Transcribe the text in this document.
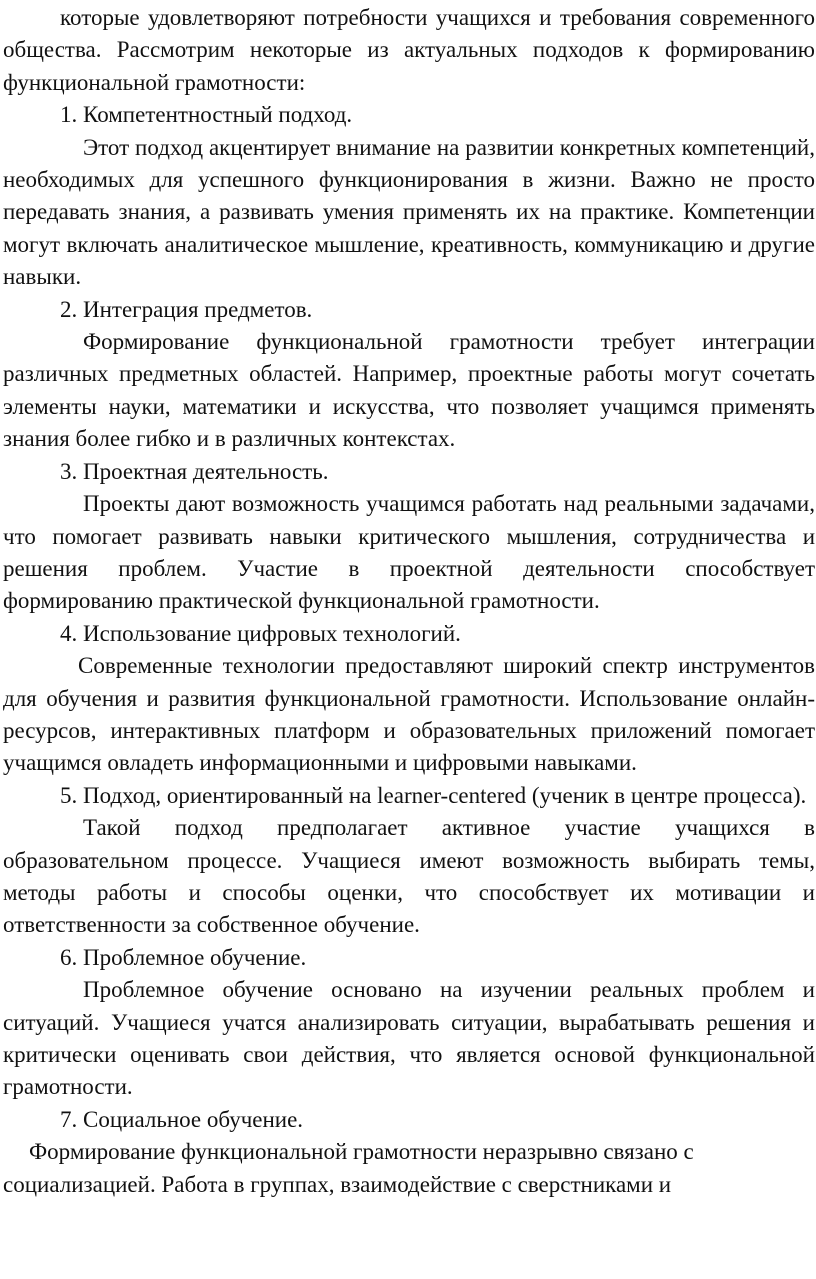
которые удовлетворяют потребности учащихся и требования современного общества. Рассмотрим некоторые из актуальных подходов к формированию функциональной грамотности:

1. Компетентностный подход.

Этот подход акцентирует внимание на развитии конкретных компетенций, необходимых для успешного функционирования в жизни. Важно не просто передавать знания, а развивать умения применять их на практике. Компетенции могут включать аналитическое мышление, креативность, коммуникацию и другие навыки.

2. Интеграция предметов.

Формирование функциональной грамотности требует интеграции различных предметных областей. Например, проектные работы могут сочетать элементы науки, математики и искусства, что позволяет учащимся применять знания более гибко и в различных контекстах.

3. Проектная деятельность.

Проекты дают возможность учащимся работать над реальными задачами, что помогает развивать навыки критического мышления, сотрудничества и решения проблем. Участие в проектной деятельности способствует формированию практической функциональной грамотности.

4. Использование цифровых технологий.

Современные технологии предоставляют широкий спектр инструментов для обучения и развития функциональной грамотности. Использование онлайн-ресурсов, интерактивных платформ и образовательных приложений помогает учащимся овладеть информационными и цифровыми навыками.

5. Подход, ориентированный на learner-centered (ученик в центре процесса).

Такой подход предполагает активное участие учащихся в образовательном процессе. Учащиеся имеют возможность выбирать темы, методы работы и способы оценки, что способствует их мотивации и ответственности за собственное обучение.

6. Проблемное обучение.

Проблемное обучение основано на изучении реальных проблем и ситуаций. Учащиеся учатся анализировать ситуации, вырабатывать решения и критически оценивать свои действия, что является основой функциональной грамотности.

7. Социальное обучение.

Формирование функциональной грамотности неразрывно связано с социализацией. Работа в группах, взаимодействие с сверстниками и
